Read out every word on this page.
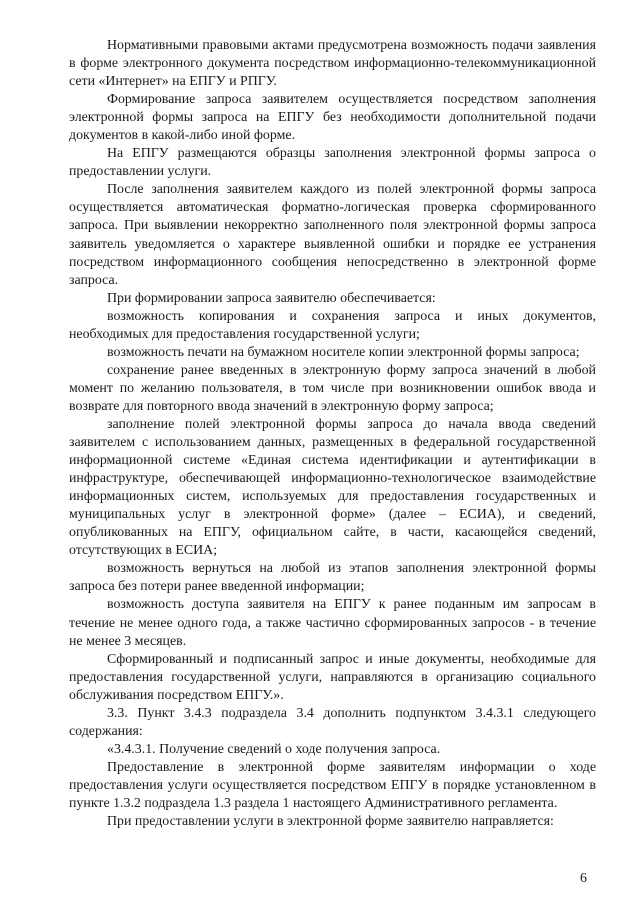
Нормативными правовыми актами предусмотрена возможность подачи заявления в форме электронного документа посредством информационно-телекоммуникационной сети «Интернет» на ЕПГУ и РПГУ.

Формирование запроса заявителем осуществляется посредством заполнения электронной формы запроса на ЕПГУ без необходимости дополнительной подачи документов в какой-либо иной форме.

На ЕПГУ размещаются образцы заполнения электронной формы запроса о предоставлении услуги.

После заполнения заявителем каждого из полей электронной формы запроса осуществляется автоматическая форматно-логическая проверка сформированного запроса. При выявлении некорректно заполненного поля электронной формы запроса заявитель уведомляется о характере выявленной ошибки и порядке ее устранения посредством информационного сообщения непосредственно в электронной форме запроса.

При формировании запроса заявителю обеспечивается:

возможность копирования и сохранения запроса и иных документов, необходимых для предоставления государственной услуги;

возможность печати на бумажном носителе копии электронной формы запроса;

сохранение ранее введенных в электронную форму запроса значений в любой момент по желанию пользователя, в том числе при возникновении ошибок ввода и возврате для повторного ввода значений в электронную форму запроса;

заполнение полей электронной формы запроса до начала ввода сведений заявителем с использованием данных, размещенных в федеральной государственной информационной системе «Единая система идентификации и аутентификации в инфраструктуре, обеспечивающей информационно-технологическое взаимодействие информационных систем, используемых для предоставления государственных и муниципальных услуг в электронной форме» (далее – ЕСИА), и сведений, опубликованных на ЕПГУ, официальном сайте, в части, касающейся сведений, отсутствующих в ЕСИА;

возможность вернуться на любой из этапов заполнения электронной формы запроса без потери ранее введенной информации;

возможность доступа заявителя на ЕПГУ к ранее поданным им запросам в течение не менее одного года, а также частично сформированных запросов - в течение не менее 3 месяцев.

Сформированный и подписанный запрос и иные документы, необходимые для предоставления государственной услуги, направляются в организацию социального обслуживания посредством ЕПГУ.».

3.3. Пункт 3.4.3 подраздела 3.4 дополнить подпунктом 3.4.3.1 следующего содержания:

«3.4.3.1. Получение сведений о ходе получения запроса.

Предоставление в электронной форме заявителям информации о ходе предоставления услуги осуществляется посредством ЕПГУ в порядке установленном в пункте 1.3.2 подраздела 1.3 раздела 1 настоящего Административного регламента.

При предоставлении услуги в электронной форме заявителю направляется:

6
